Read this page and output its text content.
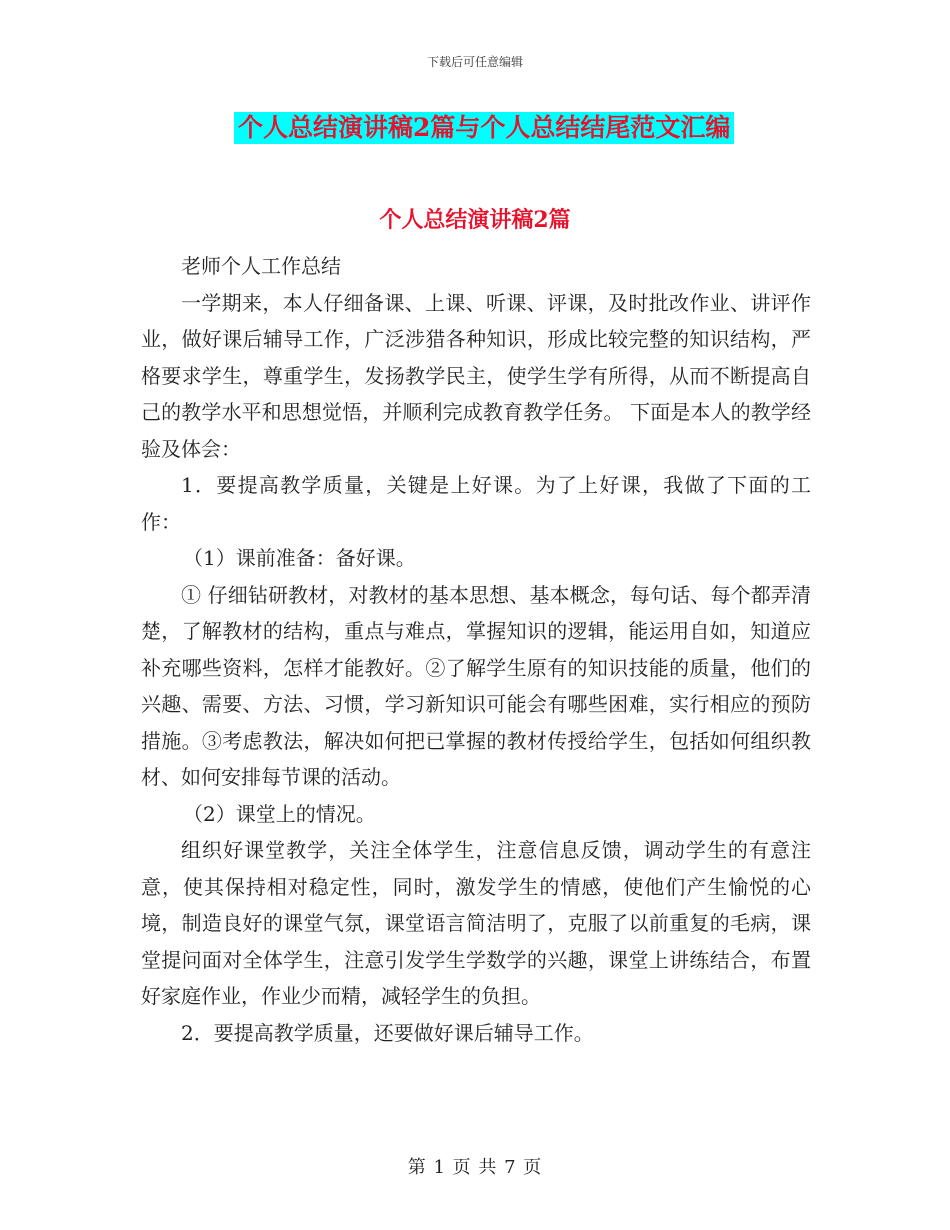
下载后可任意编辑
个人总结演讲稿2篇与个人总结结尾范文汇编
个人总结演讲稿2篇

老师个人工作总结

一学期来，本人仔细备课、上课、听课、评课，及时批改作业、讲评作业，做好课后辅导工作，广泛涉猎各种知识，形成比较完整的知识结构，严格要求学生，尊重学生，发扬教学民主，使学生学有所得，从而不断提高自己的教学水平和思想觉悟，并顺利完成教育教学任务。 下面是本人的教学经验及体会：

1．要提高教学质量，关键是上好课。为了上好课，我做了下面的工作：

（1）课前准备：备好课。

① 仔细钻研教材，对教材的基本思想、基本概念，每句话、每个都弄清楚，了解教材的结构，重点与难点，掌握知识的逻辑，能运用自如，知道应补充哪些资料，怎样才能教好。②了解学生原有的知识技能的质量，他们的兴趣、需要、方法、习惯，学习新知识可能会有哪些困难，实行相应的预防措施。③考虑教法，解决如何把已掌握的教材传授给学生，包括如何组织教材、如何安排每节课的活动。

（2）课堂上的情况。

组织好课堂教学，关注全体学生，注意信息反馈，调动学生的有意注意，使其保持相对稳定性，同时，激发学生的情感，使他们产生愉悦的心境，制造良好的课堂气氛，课堂语言简洁明了，克服了以前重复的毛病，课堂提问面对全体学生，注意引发学生学数学的兴趣，课堂上讲练结合，布置好家庭作业，作业少而精，减轻学生的负担。

2．要提高教学质量，还要做好课后辅导工作。

第 1 页 共 7 页
